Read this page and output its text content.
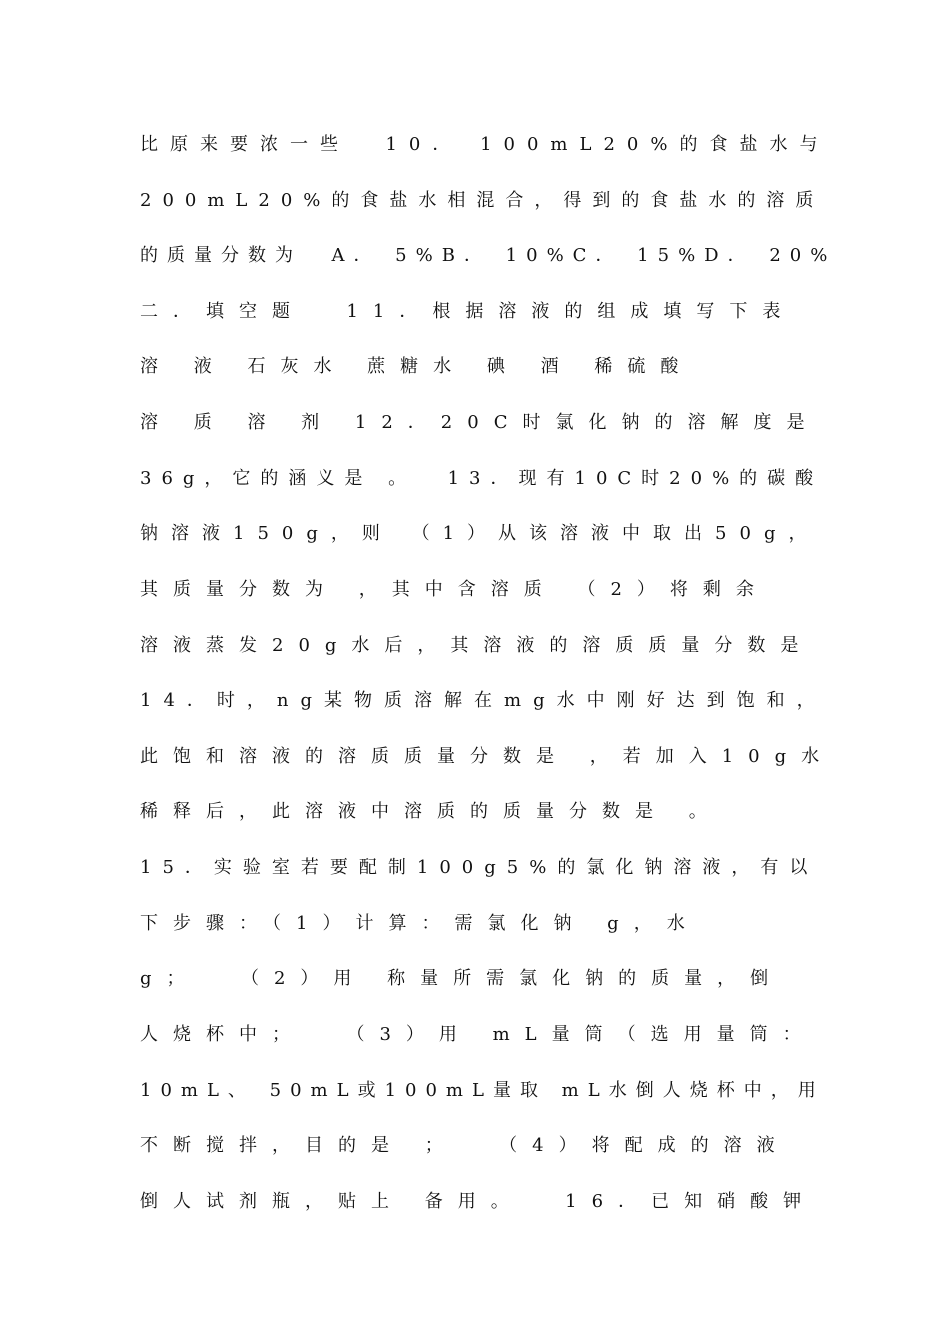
比原来要浓一些  10． 100mL20%的食盐水与
200mL20%的食盐水相混合，得到的食盐水的溶质
的质量分数为  A． 5%B． 10%C． 15%D． 20%
二．填空题  11．根据溶液的组成填写下表
溶 液 石灰水 蔗糖水 碘 酒 稀硫酸
溶 质 溶 剂 12．20C时氯化钠的溶解度是
36g，它的涵义是 。  13．现有10C时20%的碳酸
钠溶液150g，则 （1）从该溶液中取出50g，
其质量分数为 ，其中含溶质 （2）将剩余
溶液蒸发20g水后，其溶液的溶质质量分数是
14．时，ng某物质溶解在mg水中刚好达到饱和，
此饱和溶液的溶质质量分数是 ，若加入10g水
稀释后，此溶液中溶质的质量分数是 。
15．实验室若要配制100g5%的氯化钠溶液，有以
下步骤：（1）计算：需氯化钠 g，水
g；  （2）用 称量所需氯化钠的质量，倒
人烧杯中；  （3）用 mL量筒（选用量筒：
10mL、 50mL或100mL量取 mL水倒人烧杯中，用
不断搅拌，目的是 ；  （4）将配成的溶液
倒人试剂瓶，贴上 备用。  16．已知硝酸钾
